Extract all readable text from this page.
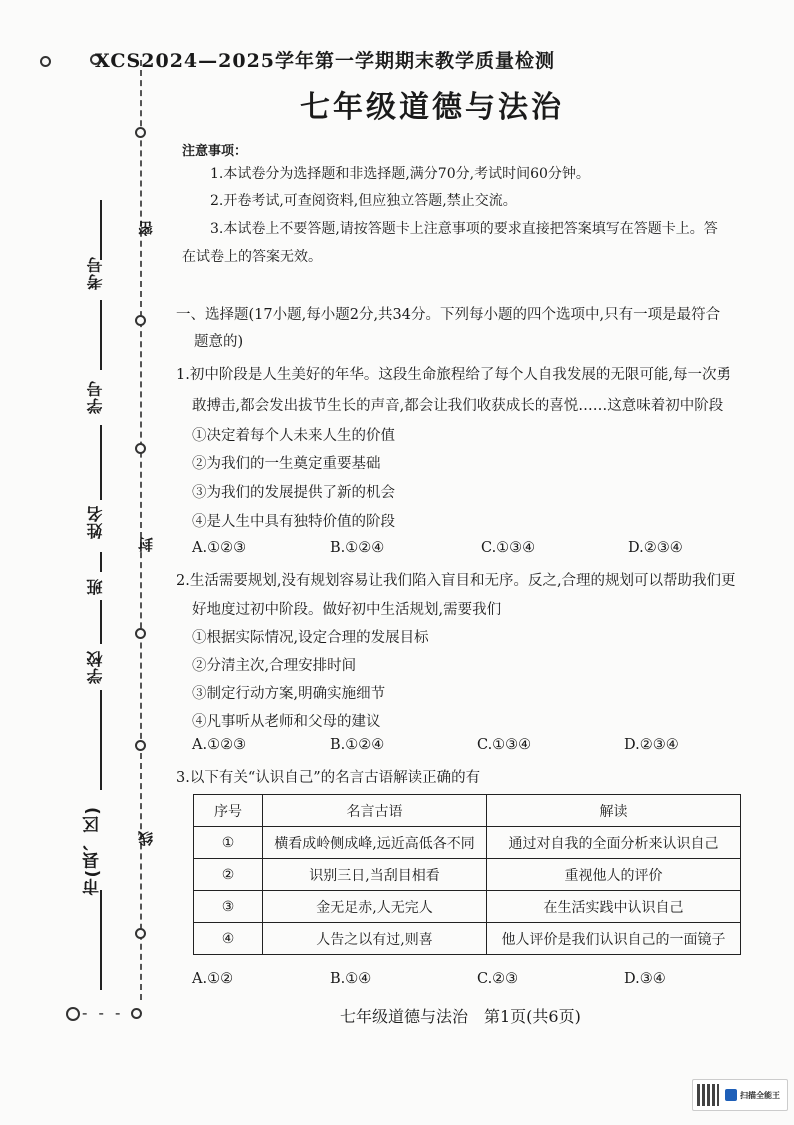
- - -
考号
密
学号
姓名
封
班
学校
市(县、区) 线
XCS2024—2025学年第一学期期末教学质量检测
七年级道德与法治
注意事项：
1.本试卷分为选择题和非选择题,满分70分,考试时间60分钟。
2.开卷考试,可查阅资料,但应独立答题,禁止交流。
3.本试卷上不要答题,请按答题卡上注意事项的要求直接把答案填写在答题卡上。答
在试卷上的答案无效。
一、选择题(17小题,每小题2分,共34分。下列每小题的四个选项中,只有一项是最符合
题意的)
1.初中阶段是人生美好的年华。这段生命旅程给了每个人自我发展的无限可能,每一次勇
敢搏击,都会发出拔节生长的声音,都会让我们收获成长的喜悦……这意味着初中阶段
①决定着每个人未来人生的价值
②为我们的一生奠定重要基础
③为我们的发展提供了新的机会
④是人生中具有独特价值的阶段
A.①②③	B.①②④	C.①③④	D.②③④
2.生活需要规划,没有规划容易让我们陷入盲目和无序。反之,合理的规划可以帮助我们更
好地度过初中阶段。做好初中生活规划,需要我们
①根据实际情况,设定合理的发展目标
②分清主次,合理安排时间
③制定行动方案,明确实施细节
④凡事听从老师和父母的建议
A.①②③	B.①②④	C.①③④	D.②③④
3.以下有关“认识自己”的名言古语解读正确的有
序号	名言古语	解读
①	横看成岭侧成峰,远近高低各不同	通过对自我的全面分析来认识自己
②	识别三日,当刮目相看	重视他人的评价
③	金无足赤,人无完人	在生活实践中认识自己
④	人告之以有过,则喜	他人评价是我们认识自己的一面镜子
A.①②	B.①④	C.②③	D.③④
七年级道德与法治　第1页(共6页)
扫描全能王
